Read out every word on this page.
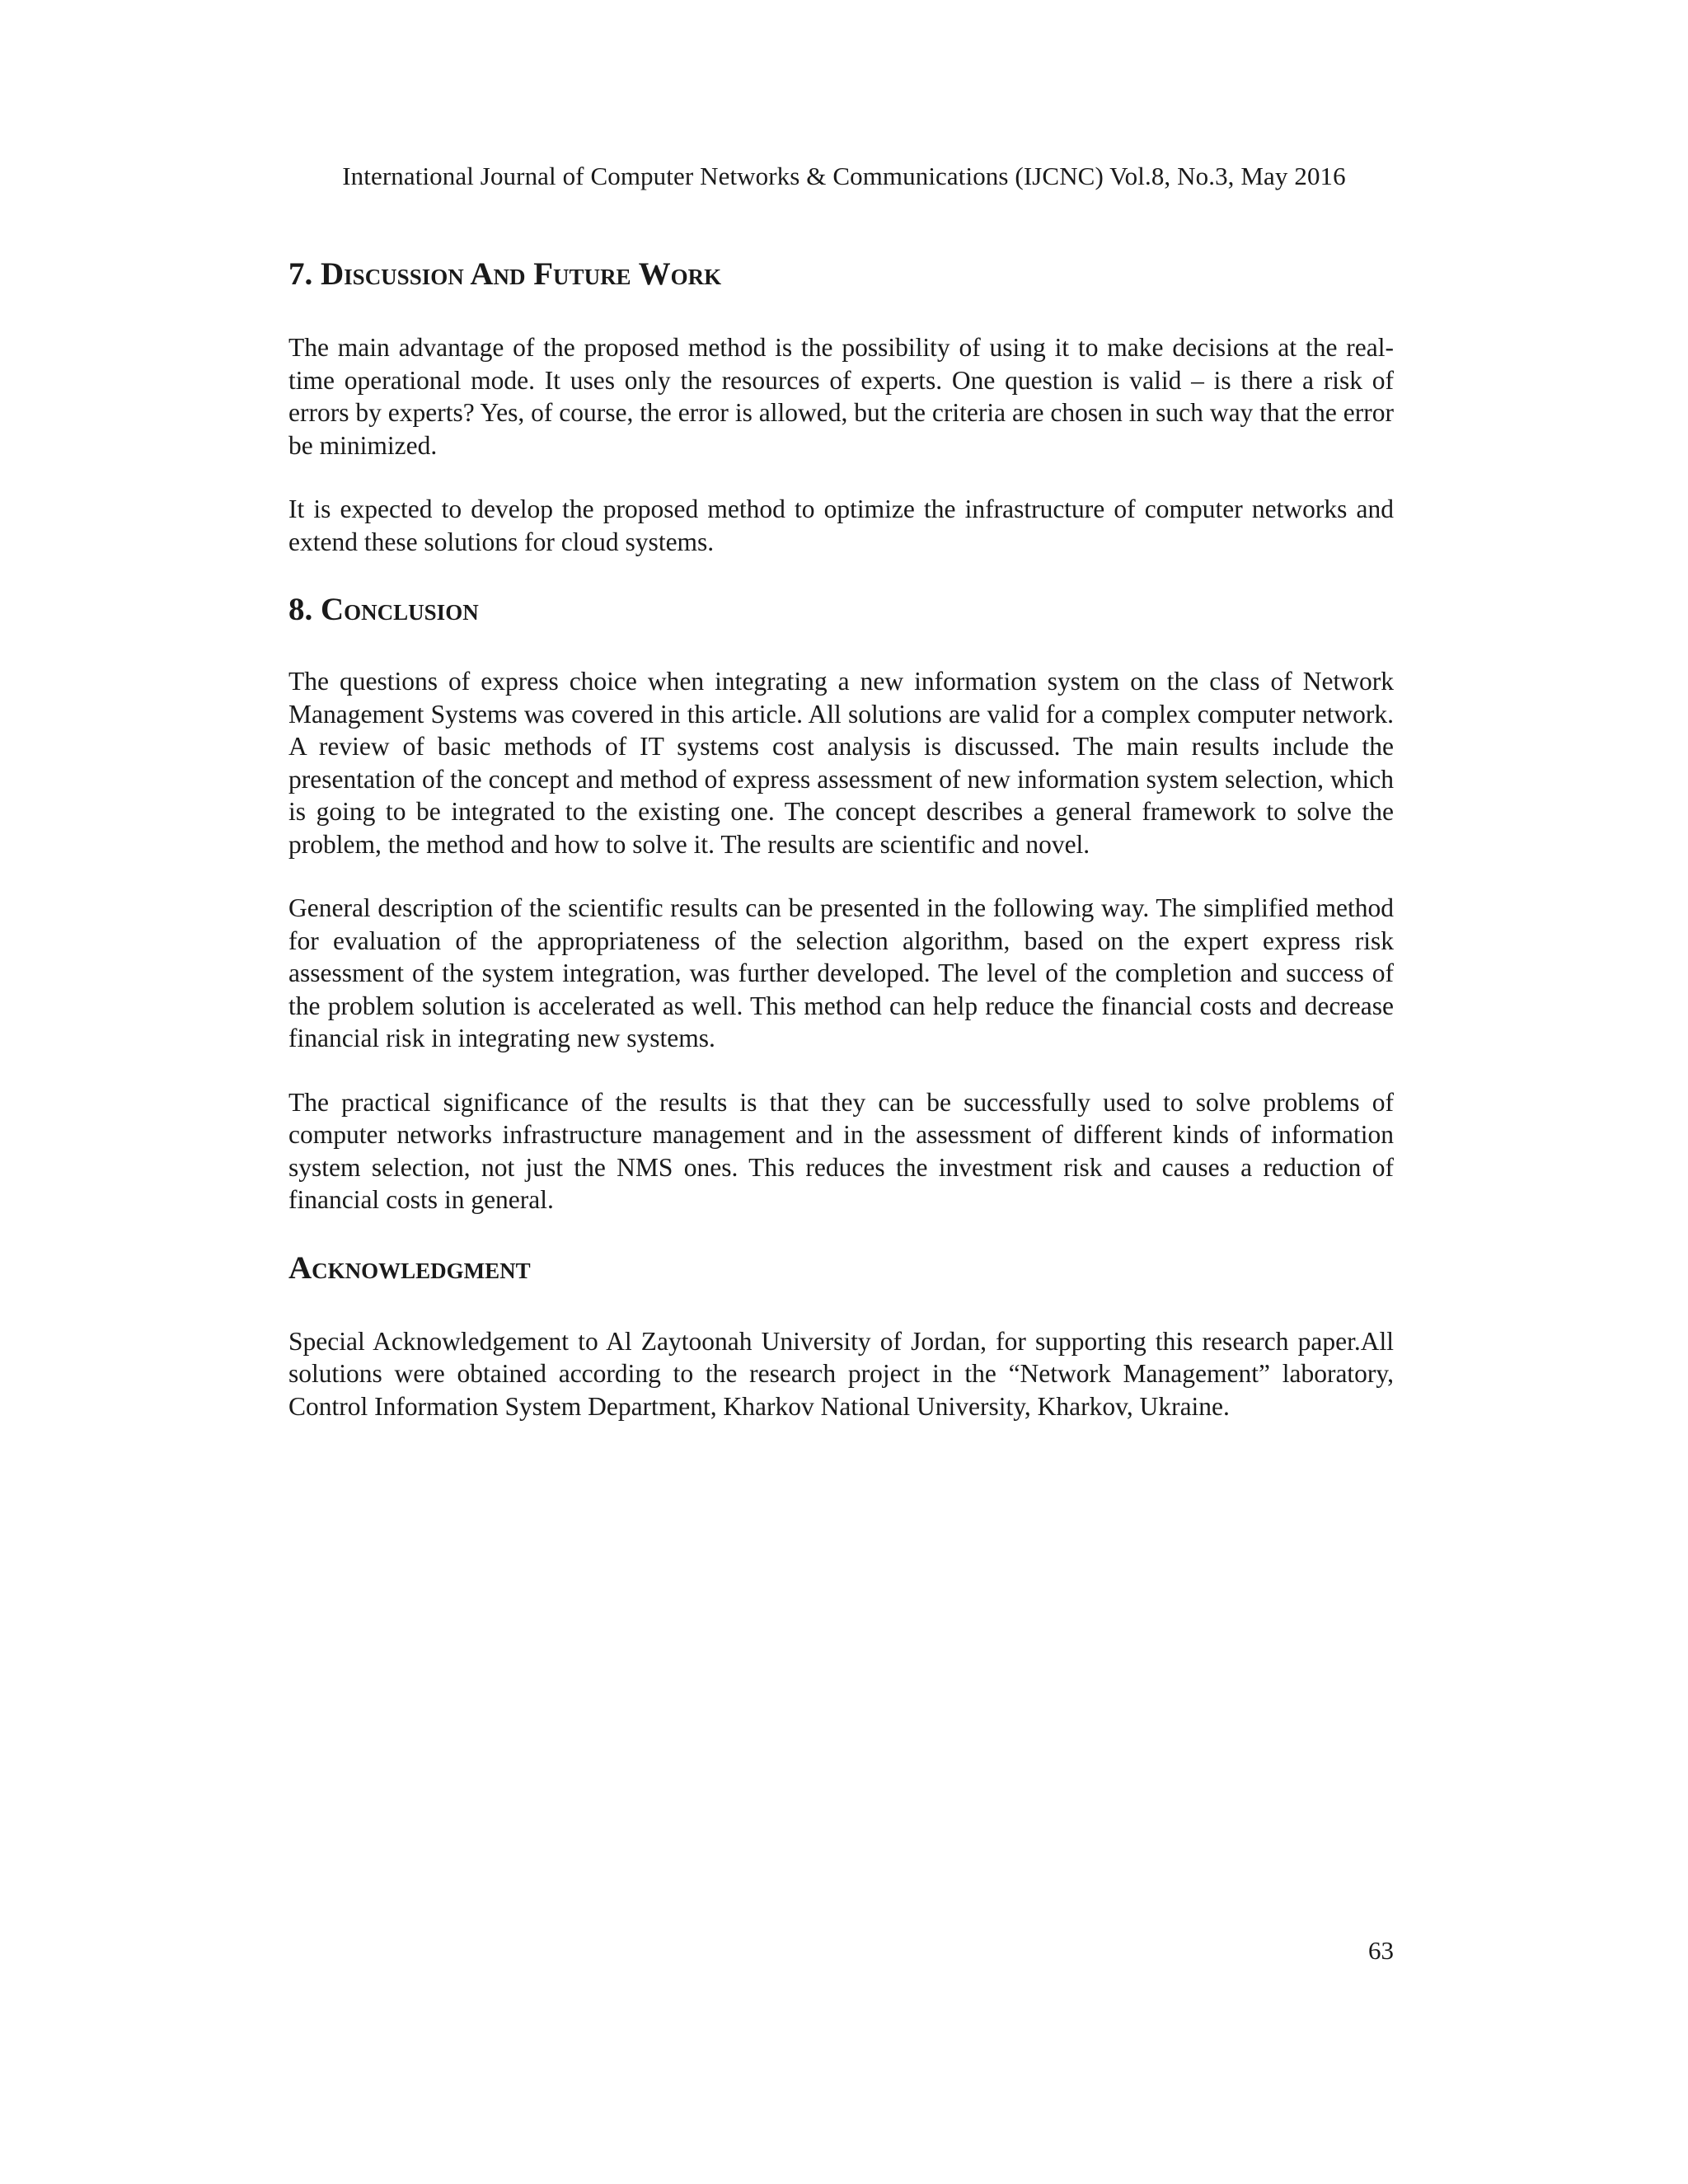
International Journal of Computer Networks & Communications (IJCNC) Vol.8, No.3, May 2016
7. Discussion And Future Work

The main advantage of the proposed method is the possibility of using it to make decisions at the real-time operational mode. It uses only the resources of experts. One question is valid – is there a risk of errors by experts? Yes, of course, the error is allowed, but the criteria are chosen in such way that the error be minimized.

It is expected to develop the proposed method to optimize the infrastructure of computer networks and extend these solutions for cloud systems.

8. Conclusion

The questions of express choice when integrating a new information system on the class of Network Management Systems was covered in this article. All solutions are valid for a complex computer network. A review of basic methods of IT systems cost analysis is discussed. The main results include the presentation of the concept and method of express assessment of new information system selection, which is going to be integrated to the existing one. The concept describes a general framework to solve the problem, the method and how to solve it. The results are scientific and novel.

General description of the scientific results can be presented in the following way. The simplified method for evaluation of the appropriateness of the selection algorithm, based on the expert express risk assessment of the system integration, was further developed. The level of the completion and success of the problem solution is accelerated as well. This method can help reduce the financial costs and decrease financial risk in integrating new systems.

The practical significance of the results is that they can be successfully used to solve problems of computer networks infrastructure management and in the assessment of different kinds of information system selection, not just the NMS ones. This reduces the investment risk and causes a reduction of financial costs in general.

Acknowledgment

Special Acknowledgement to Al Zaytoonah University of Jordan, for supporting this research paper.All solutions were obtained according to the research project in the “Network Management” laboratory, Control Information System Department, Kharkov National University, Kharkov, Ukraine.

63
